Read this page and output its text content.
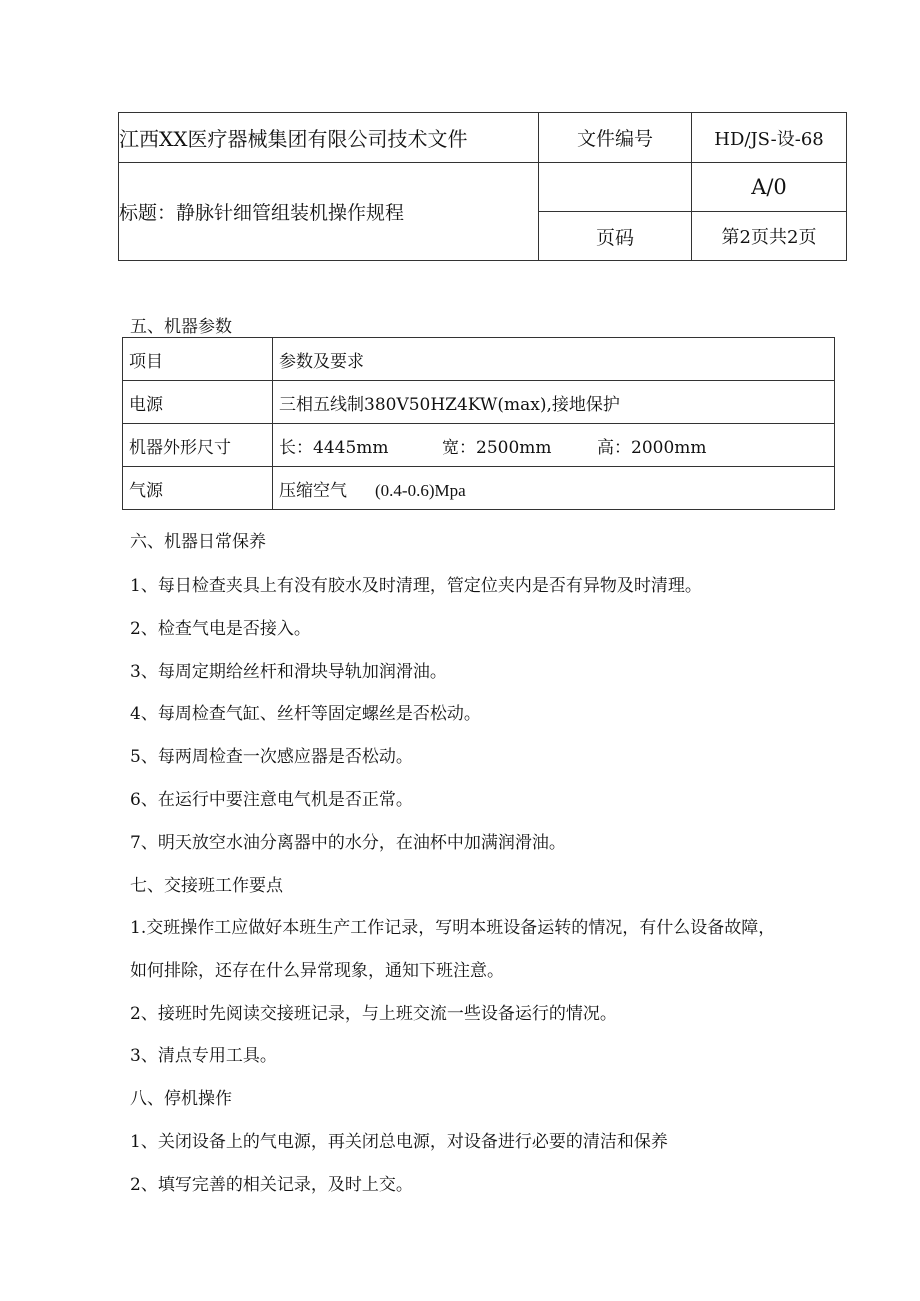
江西XX医疗器械集团有限公司技术文件	文件编号	HD/JS-设-68
标题：静脉针细管组装机操作规程		A/0
	页码	第2页共2页
五、机器参数
项目	参数及要求
电源	三相五线制380V50HZ4KW(max),接地保护
机器外形尺寸	长：4445mm 宽：2500mm 高：2000mm
气源	压缩空气 (0.4-0.6)Mpa
六、机器日常保养
1、每日检查夹具上有没有胶水及时清理，管定位夹内是否有异物及时清理。
2、检查气电是否接入。
3、每周定期给丝杆和滑块导轨加润滑油。
4、每周检查气缸、丝杆等固定螺丝是否松动。
5、每两周检查一次感应器是否松动。
6、在运行中要注意电气机是否正常。
7、明天放空水油分离器中的水分，在油杯中加满润滑油。
七、交接班工作要点
1.交班操作工应做好本班生产工作记录，写明本班设备运转的情况，有什么设备故障，
如何排除，还存在什么异常现象，通知下班注意。
2、接班时先阅读交接班记录，与上班交流一些设备运行的情况。
3、清点专用工具。
八、停机操作
1、关闭设备上的气电源，再关闭总电源，对设备进行必要的清洁和保养
2、填写完善的相关记录，及时上交。
